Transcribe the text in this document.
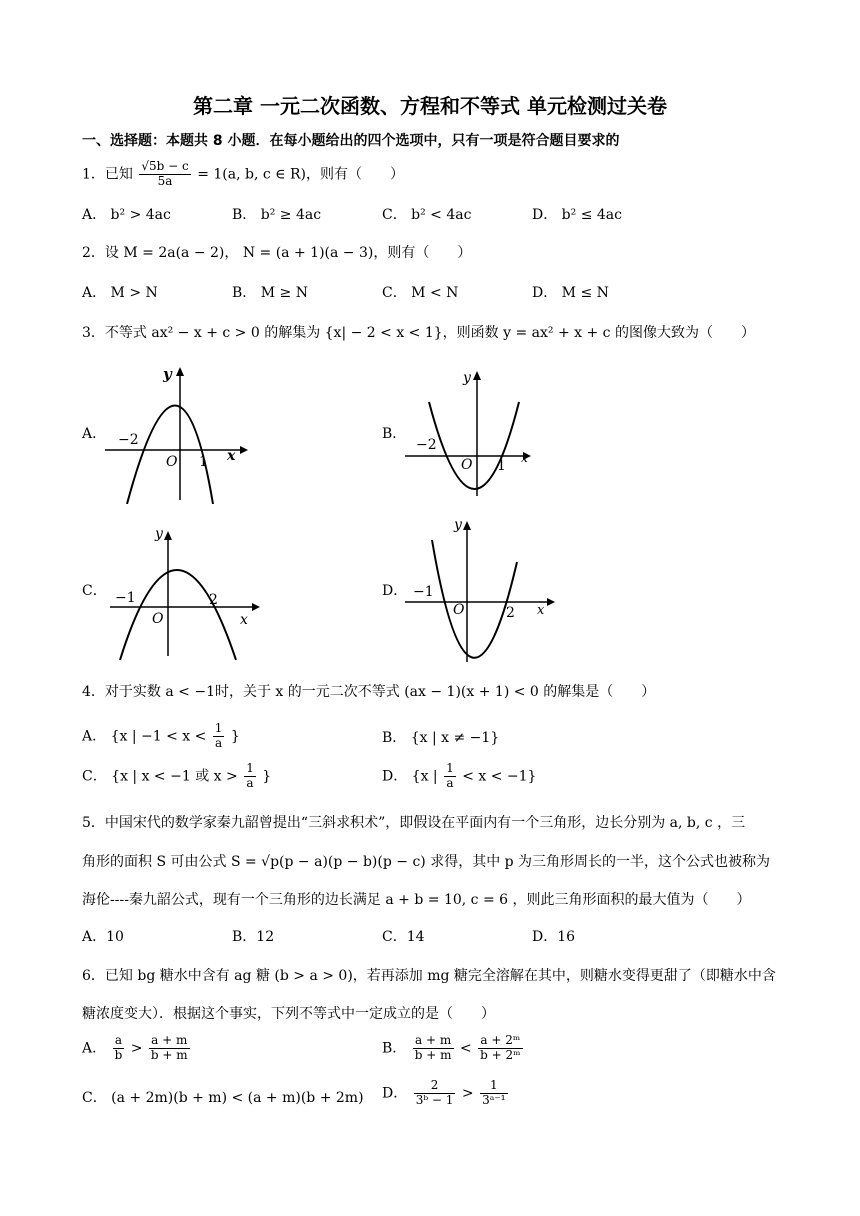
第二章 一元二次函数、方程和不等式 单元检测过关卷
一、选择题：本题共 8 小题．在每小题给出的四个选项中，只有一项是符合题目要求的
1．已知 $\frac{√5b - c}{5a} = 1(a$, b, c ∈ R)，则有（　　）
A． b² > 4ac	B． b² ≥ 4ac	C． b² < 4ac	D． b² ≤ 4ac
2．设 M = 2a(a − 2)， N = (a + 1)(a − 3)，则有（　　）
A． M > N	B． M ≥ N	C． M < N	D． M ≤ N
3．不等式 ax² − x + c > 0 的解集为 {x| − 2 < x < 1}，则函数 y = ax² + x + c 的图像大致为（　　）
A．
y
x
O
−2
1
B．
y
x
O
−2
1
C．
y
x
O
−1	2
D．
y
x
O
−1
2
4．对于实数 a < −1时，关于 x 的一元二次不等式 (ax − 1)(x + 1) < 0 的解集是（　　）
A． {x | $-1 < x < \frac{1}{a}$ }	B． {x | x ≠ −1}
C． {x | x < −1 或 $x > \frac{1}{a}$ }	D． {x | $\frac{1}{a} < x < -1$}
5．中国宋代的数学家秦九韶曾提出“三斜求积术”，即假设在平面内有一个三角形，边长分别为 a, b, c ，三
角形的面积 S 可由公式 S = √p(p − a)(p − b)(p − c) 求得，其中 p 为三角形周长的一半，这个公式也被称为
海伦----秦九韶公式，现有一个三角形的边长满足 a + b = 10, c = 6 ，则此三角形面积的最大值为（　　）
A．10	B．12	C．14	D．16
6．已知 bg 糖水中含有 ag 糖 (b > a > 0)，若再添加 mg 糖完全溶解在其中，则糖水变得更甜了（即糖水中含
糖浓度变大）．根据这个事实，下列不等式中一定成立的是（　　）
A． $\frac{a}{b} > \frac{a + m}{b + m}$	B． $\frac{a + m}{b + m} < \frac{\text{a + 2ᵐ}}{\text{b + 2ᵐ}}$
C． (a + 2m)(b + m) < (a + m)(b + 2m) D． $\frac{2}{\text{3ᵇ − 1}} > \frac{1}{\text{3ᵃ⁻¹}}$
